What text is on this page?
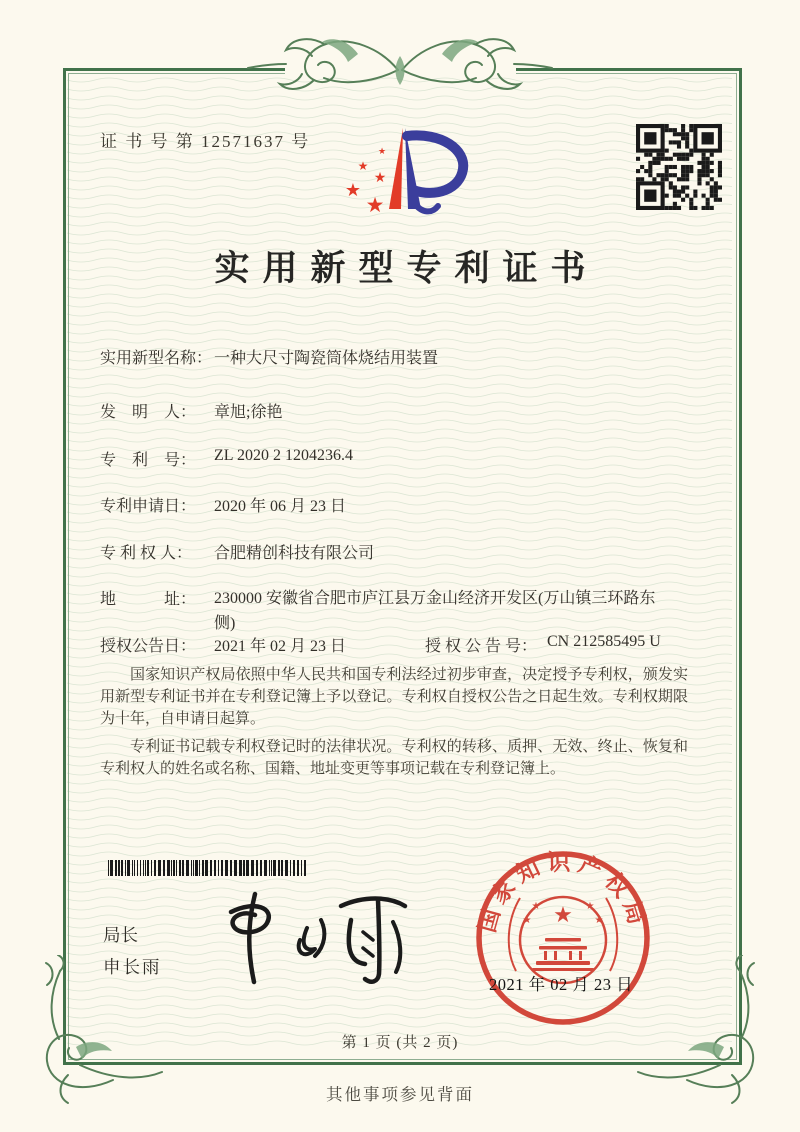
证 书 号 第 12571637 号
★
★
★
★
★
实用新型专利证书
实用新型名称： 一种大尺寸陶瓷筒体烧结用装置
发　明　人：	章旭;徐艳
专　利　号：	ZL 2020 2 1204236.4
专利申请日：	2020 年 06 月 23 日
专 利 权 人：	合肥精创科技有限公司
地　　　址：	230000 安徽省合肥市庐江县万金山经济开发区(万山镇三环路东侧)
授权公告日：	2021 年 02 月 23 日	授 权 公 告 号： CN 212585495 U

国家知识产权局依照中华人民共和国专利法经过初步审查，决定授予专利权，颁发实用新型专利证书并在专利登记簿上予以登记。专利权自授权公告之日起生效。专利权期限为十年，自申请日起算。

专利证书记载专利权登记时的法律状况。专利权的转移、质押、无效、终止、恢复和专利权人的姓名或名称、国籍、地址变更等事项记载在专利登记簿上。

局长
申长雨
国家知识产权局
★
★
★
★
★
2021 年 02 月 23 日
第 1 页 (共 2 页)
其他事项参见背面
